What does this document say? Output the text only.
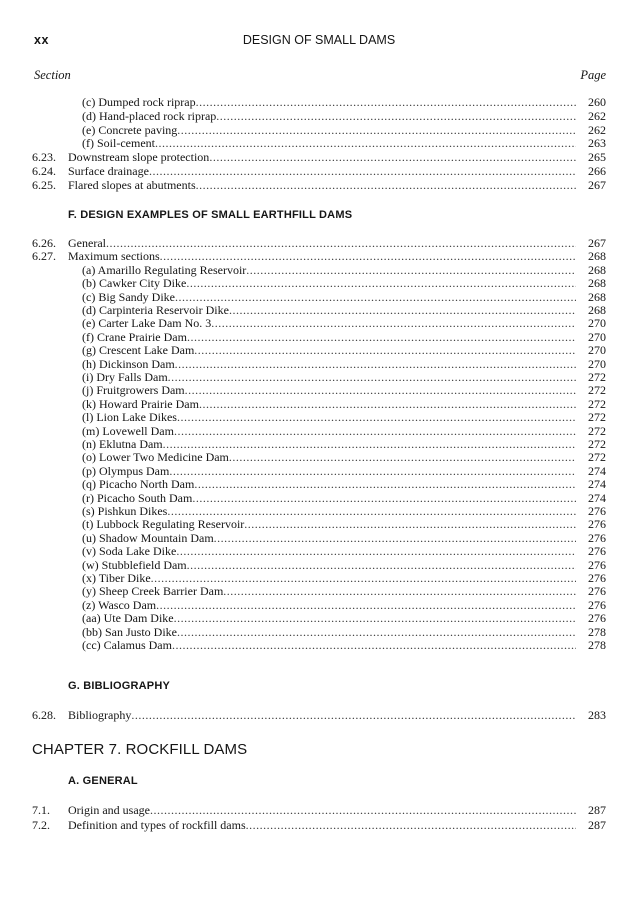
xx	DESIGN OF SMALL DAMS
Section	Page
(c) Dumped rock riprap .....	260
(d) Hand-placed rock riprap .....	262
(e) Concrete paving .....	262
(f) Soil-cement .....	263
6.23. Downstream slope protection .....	265
6.24. Surface drainage .....	266
6.25. Flared slopes at abutments .....	267
F. DESIGN EXAMPLES OF SMALL EARTHFILL DAMS
6.26. General .....	267
6.27. Maximum sections .....	268
(a) Amarillo Regulating Reservoir .....	268
(b) Cawker City Dike .....	268
(c) Big Sandy Dike .....	268
(d) Carpinteria Reservoir Dike .....	268
(e) Carter Lake Dam No. 3 .....	270
(f) Crane Prairie Dam .....	270
(g) Crescent Lake Dam .....	270
(h) Dickinson Dam .....	270
(i) Dry Falls Dam .....	272
(j) Fruitgrowers Dam .....	272
(k) Howard Prairie Dam .....	272
(l) Lion Lake Dikes .....	272
(m) Lovewell Dam .....	272
(n) Eklutna Dam .....	272
(o) Lower Two Medicine Dam .....	272
(p) Olympus Dam .....	274
(q) Picacho North Dam .....	274
(r) Picacho South Dam .....	274
(s) Pishkun Dikes .....	276
(t) Lubbock Regulating Reservoir .....	276
(u) Shadow Mountain Dam .....	276
(v) Soda Lake Dike .....	276
(w) Stubblefield Dam .....	276
(x) Tiber Dike .....	276
(y) Sheep Creek Barrier Dam .....	276
(z) Wasco Dam .....	276
(aa) Ute Dam Dike .....	276
(bb) San Justo Dike .....	278
(cc) Calamus Dam .....	278
G. BIBLIOGRAPHY
6.28. Bibliography .....	283
CHAPTER 7. ROCKFILL DAMS
A. GENERAL
7.1. Origin and usage .....	287
7.2. Definition and types of rockfill dams .....	287
